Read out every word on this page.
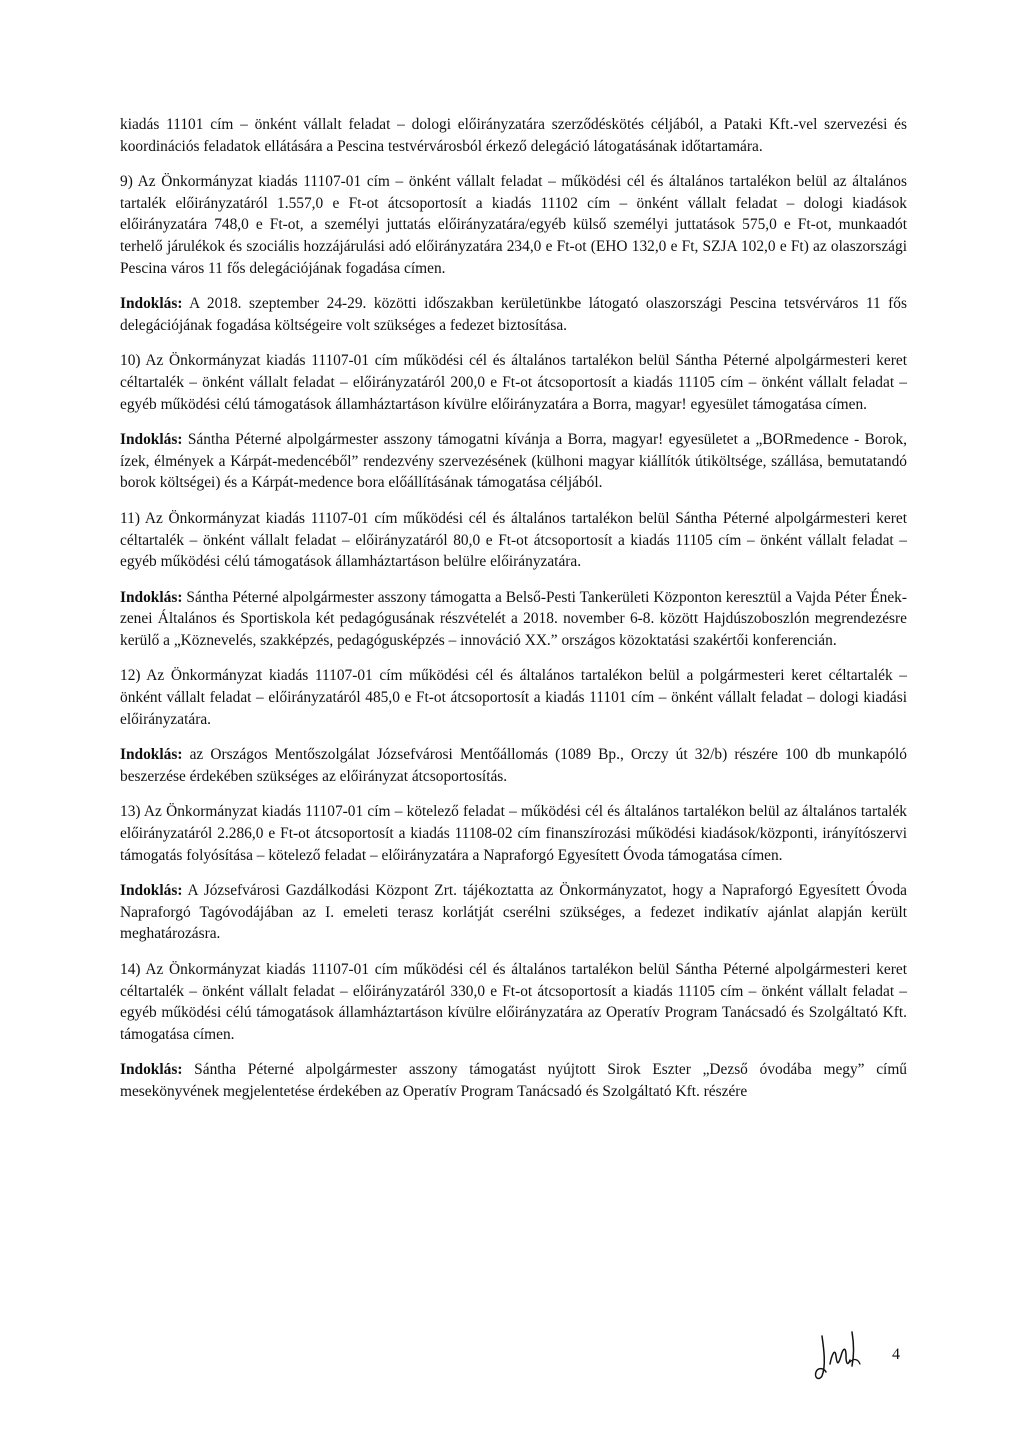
kiadás 11101 cím – önként vállalt feladat – dologi előirányzatára szerződéskötés céljából, a Pataki Kft.-vel szervezési és koordinációs feladatok ellátására a Pescina testvérvárosból érkező delegáció látogatásának időtartamára.

9) Az Önkormányzat kiadás 11107-01 cím – önként vállalt feladat – működési cél és általános tartalékon belül az általános tartalék előirányzatáról 1.557,0 e Ft-ot átcsoportosít a kiadás 11102 cím – önként vállalt feladat – dologi kiadások előirányzatára 748,0 e Ft-ot, a személyi juttatás előirányzatára/egyéb külső személyi juttatások 575,0 e Ft-ot, munkaadót terhelő járulékok és szociális hozzájárulási adó előirányzatára 234,0 e Ft-ot (EHO 132,0 e Ft, SZJA 102,0 e Ft) az olaszországi Pescina város 11 fős delegációjának fogadása címen.

Indoklás: A 2018. szeptember 24-29. közötti időszakban kerületünkbe látogató olaszországi Pescina tetsvérváros 11 fős delegációjának fogadása költségeire volt szükséges a fedezet biztosítása.

10) Az Önkormányzat kiadás 11107-01 cím működési cél és általános tartalékon belül Sántha Péterné alpolgármesteri keret céltartalék – önként vállalt feladat – előirányzatáról 200,0 e Ft-ot átcsoportosít a kiadás 11105 cím – önként vállalt feladat – egyéb működési célú támogatások államháztartáson kívülre előirányzatára a Borra, magyar! egyesület támogatása címen.

Indoklás: Sántha Péterné alpolgármester asszony támogatni kívánja a Borra, magyar! egyesületet a „BORmedence - Borok, ízek, élmények a Kárpát-medencéből” rendezvény szervezésének (külhoni magyar kiállítók útiköltsége, szállása, bemutatandó borok költségei) és a Kárpát-medence bora előállításának támogatása céljából.

11) Az Önkormányzat kiadás 11107-01 cím működési cél és általános tartalékon belül Sántha Péterné alpolgármesteri keret céltartalék – önként vállalt feladat – előirányzatáról 80,0 e Ft-ot átcsoportosít a kiadás 11105 cím – önként vállalt feladat – egyéb működési célú támogatások államháztartáson belülre előirányzatára.

Indoklás: Sántha Péterné alpolgármester asszony támogatta a Belső-Pesti Tankerületi Központon keresztül a Vajda Péter Ének-zenei Általános és Sportiskola két pedagógusának részvételét a 2018. november 6-8. között Hajdúszoboszlón megrendezésre kerülő a „Köznevelés, szakképzés, pedagógusképzés – innováció XX.” országos közoktatási szakértői konferencián.

12) Az Önkormányzat kiadás 11107-01 cím működési cél és általános tartalékon belül a polgármesteri keret céltartalék – önként vállalt feladat – előirányzatáról 485,0 e Ft-ot átcsoportosít a kiadás 11101 cím – önként vállalt feladat – dologi kiadási előirányzatára.

Indoklás: az Országos Mentőszolgálat Józsefvárosi Mentőállomás (1089 Bp., Orczy út 32/b) részére 100 db munkapóló beszerzése érdekében szükséges az előirányzat átcsoportosítás.

13) Az Önkormányzat kiadás 11107-01 cím – kötelező feladat – működési cél és általános tartalékon belül az általános tartalék előirányzatáról 2.286,0 e Ft-ot átcsoportosít a kiadás 11108-02 cím finanszírozási működési kiadások/központi, irányítószervi támogatás folyósítása – kötelező feladat – előirányzatára a Napraforgó Egyesített Óvoda támogatása címen.

Indoklás: A Józsefvárosi Gazdálkodási Központ Zrt. tájékoztatta az Önkormányzatot, hogy a Napraforgó Egyesített Óvoda Napraforgó Tagóvodájában az I. emeleti terasz korlátját cserélni szükséges, a fedezet indikatív ajánlat alapján került meghatározásra.

14) Az Önkormányzat kiadás 11107-01 cím működési cél és általános tartalékon belül Sántha Péterné alpolgármesteri keret céltartalék – önként vállalt feladat – előirányzatáról 330,0 e Ft-ot átcsoportosít a kiadás 11105 cím – önként vállalt feladat – egyéb működési célú támogatások államháztartáson kívülre előirányzatára az Operatív Program Tanácsadó és Szolgáltató Kft. támogatása címen.

Indoklás: Sántha Péterné alpolgármester asszony támogatást nyújtott Sirok Eszter „Dezső óvodába megy” című mesekönyvének megjelentetése érdekében az Operatív Program Tanácsadó és Szolgáltató Kft. részére

4
